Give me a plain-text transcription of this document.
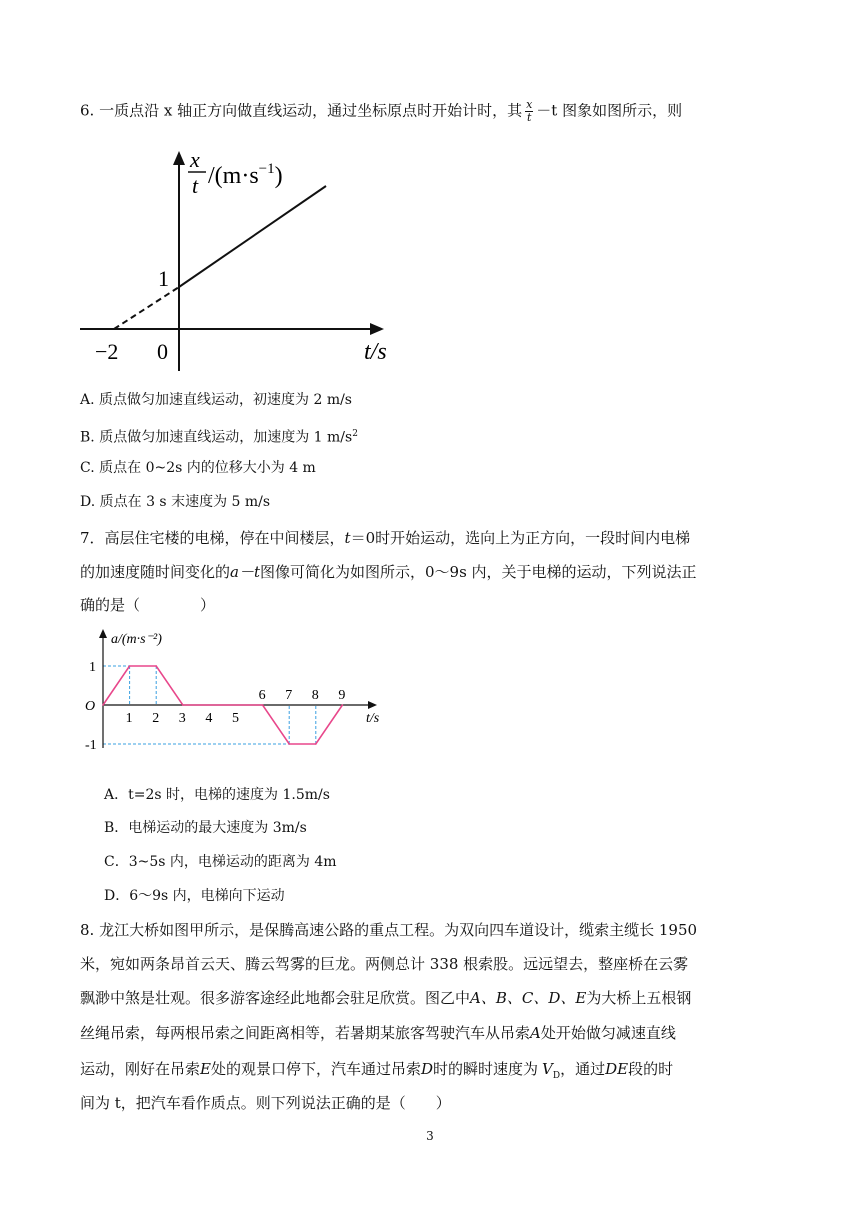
6. 一质点沿 x 轴正方向做直线运动，通过坐标原点时开始计时，其 $\frac{x}{t} -t$ 图象如图所示，则
x
t $/(m\cdot s^{-1})$
1
−2 0	t/s
A. 质点做匀加速直线运动，初速度为 2 m/s
B. 质点做匀加速直线运动，加速度为 1 $m/s^2$
C. 质点在 0~2s 内的位移大小为 4 m
D. 质点在 3 s 末速度为 5 m/s
7．高层住宅楼的电梯，停在中间楼层，t＝0时开始运动，选向上为正方向，一段时间内电梯
的加速度随时间变化的a－t图像可简化为如图所示，0～9s 内，关于电梯的运动，下列说法正
确的是（　　　　）
a/(m·s⁻²)
t/s
O
1 2 3 4 5
6 7 8 9
1
-1
A．t=2s 时，电梯的速度为 1.5m/s
B．电梯运动的最大速度为 3m/s
C．3~5s 内，电梯运动的距离为 4m
D．6～9s 内，电梯向下运动
8. 龙江大桥如图甲所示，是保腾高速公路的重点工程。为双向四车道设计，缆索主缆长 1950
米，宛如两条昂首云天、腾云驾雾的巨龙。两侧总计 338 根索股。远远望去，整座桥在云雾
飘渺中煞是壮观。很多游客途经此地都会驻足欣赏。图乙中A、B、C、D、E为大桥上五根钢
丝绳吊索，每两根吊索之间距离相等，若暑期某旅客驾驶汽车从吊索A处开始做匀减速直线
运动，刚好在吊索E处的观景口停下，汽车通过吊索D时的瞬时速度为 $V_D$，通过DE段的时
间为 t，把汽车看作质点。则下列说法正确的是（　　）
3
